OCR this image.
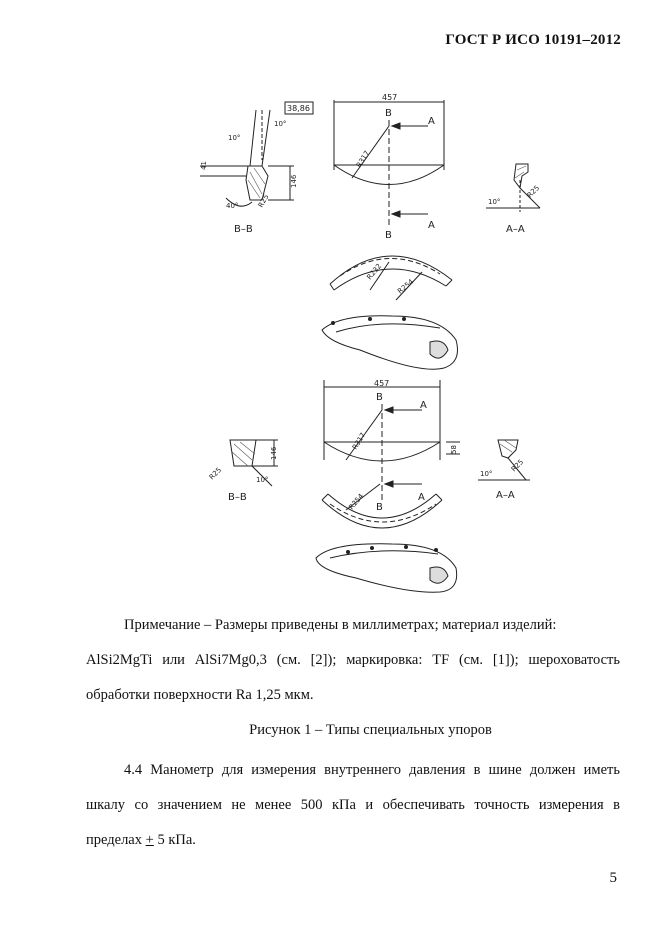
ГОСТ Р ИСО 10191–2012
38,86
10°
10°
41
146
R25
40°
B–B
457
B
A
R317
A
B
R25
10°
A–A
R232
R254
457
B
A
R317	58
146
R25	10°
B–B
R25
10°
A–A
A
B
R254
Примечание – Размеры приведены в миллиметрах; материал изделий:
AlSi2MgTi или AlSi7Mg0,3 (см. [2]); маркировка: TF (см. [1]); шероховатость
обработки поверхности Ra 1,25 мкм.
Рисунок 1 – Типы специальных упоров
4.4 Манометр для измерения внутреннего давления в шине должен иметь
шкалу со значением не менее 500 кПа и обеспечивать точность измерения в
пределах + 5 кПа.
5
